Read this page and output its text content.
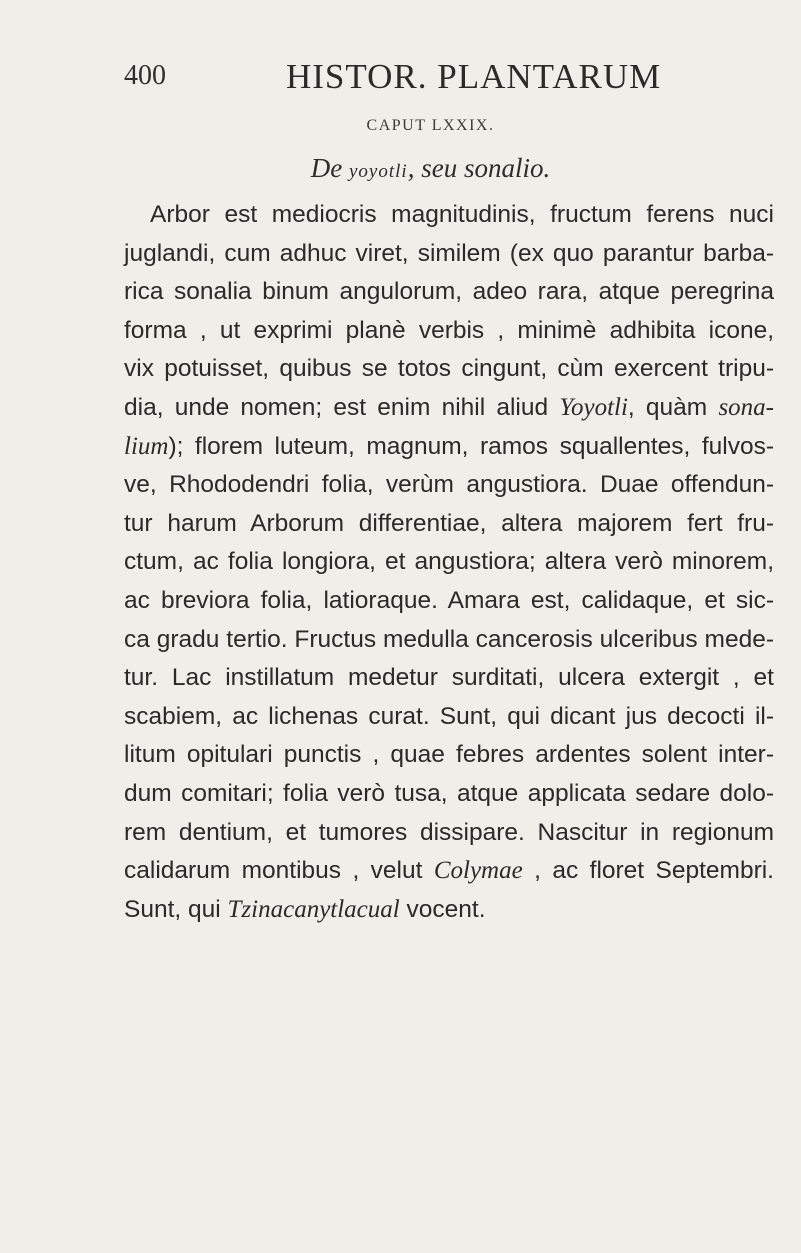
400	HISTOR. PLANTARUM
CAPUT LXXIX.
De yoyotli, seu sonalio.
Arbor est mediocris magnitudinis, fructum ferens nuci
juglandi, cum adhuc viret, similem (ex quo parantur barba-
rica sonalia binum angulorum, adeo rara, atque peregrina
forma , ut exprimi planè verbis , minimè adhibita icone,
vix potuisset, quibus se totos cingunt, cùm exercent tripu-
dia, unde nomen; est enim nihil aliud Yoyotli, quàm sona-
lium); florem luteum, magnum, ramos squallentes, fulvos-
ve, Rhododendri folia, verùm angustiora. Duae offendun-
tur harum Arborum differentiae, altera majorem fert fru-
ctum, ac folia longiora, et angustiora; altera verò minorem,
ac breviora folia, latioraque. Amara est, calidaque, et sic-
ca gradu tertio. Fructus medulla cancerosis ulceribus mede-
tur. Lac instillatum medetur surditati, ulcera extergit , et
scabiem, ac lichenas curat. Sunt, qui dicant jus decocti il-
litum opitulari punctis , quae febres ardentes solent inter-
dum comitari; folia verò tusa, atque applicata sedare dolo-
rem dentium, et tumores dissipare. Nascitur in regionum
calidarum montibus , velut Colymae , ac floret Septembri.
Sunt, qui Tzinacanytlacual vocent.
